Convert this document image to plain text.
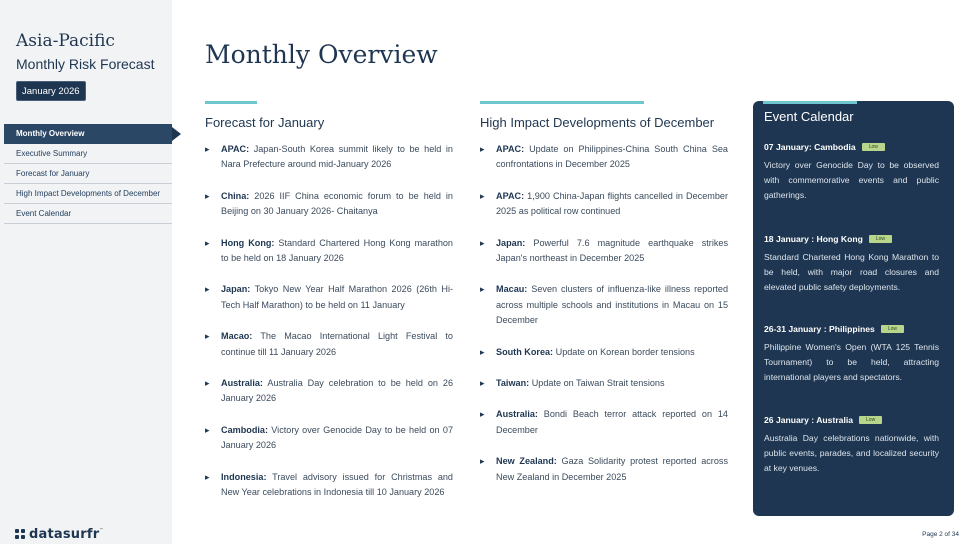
Asia-Pacific
Monthly Risk Forecast
January 2026
Monthly Overview
Executive Summary
Forecast for January
High Impact Developments of December
Event Calendar
datasurfr™
Monthly Overview
Forecast for January
▸ APAC: Japan-South Korea summit likely to be held in Nara Prefecture around mid-January 2026
▸ China: 2026 IIF China economic forum to be held in Beijing on 30 January 2026- Chaitanya
▸ Hong Kong: Standard Chartered Hong Kong marathon to be held on 18 January 2026
▸ Japan: Tokyo New Year Half Marathon 2026 (26th Hi-Tech Half Marathon) to be held on 11 January
▸ Macao: The Macao International Light Festival to continue till 11 January 2026
▸ Australia: Australia Day celebration to be held on 26 January 2026
▸ Cambodia: Victory over Genocide Day to be held on 07 January 2026
▸ Indonesia: Travel advisory issued for Christmas and New Year celebrations in Indonesia till 10 January 2026
High Impact Developments of December
▸ APAC: Update on Philippines-China South China Sea confrontations in December 2025
▸ APAC: 1,900 China-Japan flights cancelled in December 2025 as political row continued
▸ Japan: Powerful 7.6 magnitude earthquake strikes Japan's northeast in December 2025
▸ Macau: Seven clusters of influenza-like illness reported across multiple schools and institutions in Macau on 15 December
▸ South Korea: Update on Korean border tensions
▸ Taiwan: Update on Taiwan Strait tensions
▸ Australia: Bondi Beach terror attack reported on 14 December
▸ New Zealand: Gaza Solidarity protest reported across New Zealand in December 2025
Event Calendar
07 January: Cambodia	Low
Victory over Genocide Day to be observed with commemorative events and public gatherings.
18 January : Hong Kong	Low
Standard Chartered Hong Kong Marathon to be held, with major road closures and elevated public safety deployments.
26-31 January : Philippines	Low
Philippine Women's Open (WTA 125 Tennis Tournament) to be held, attracting international players and spectators.
26 January : Australia	Low
Australia Day celebrations nationwide, with public events, parades, and localized security at key venues.
Page 2 of 34
